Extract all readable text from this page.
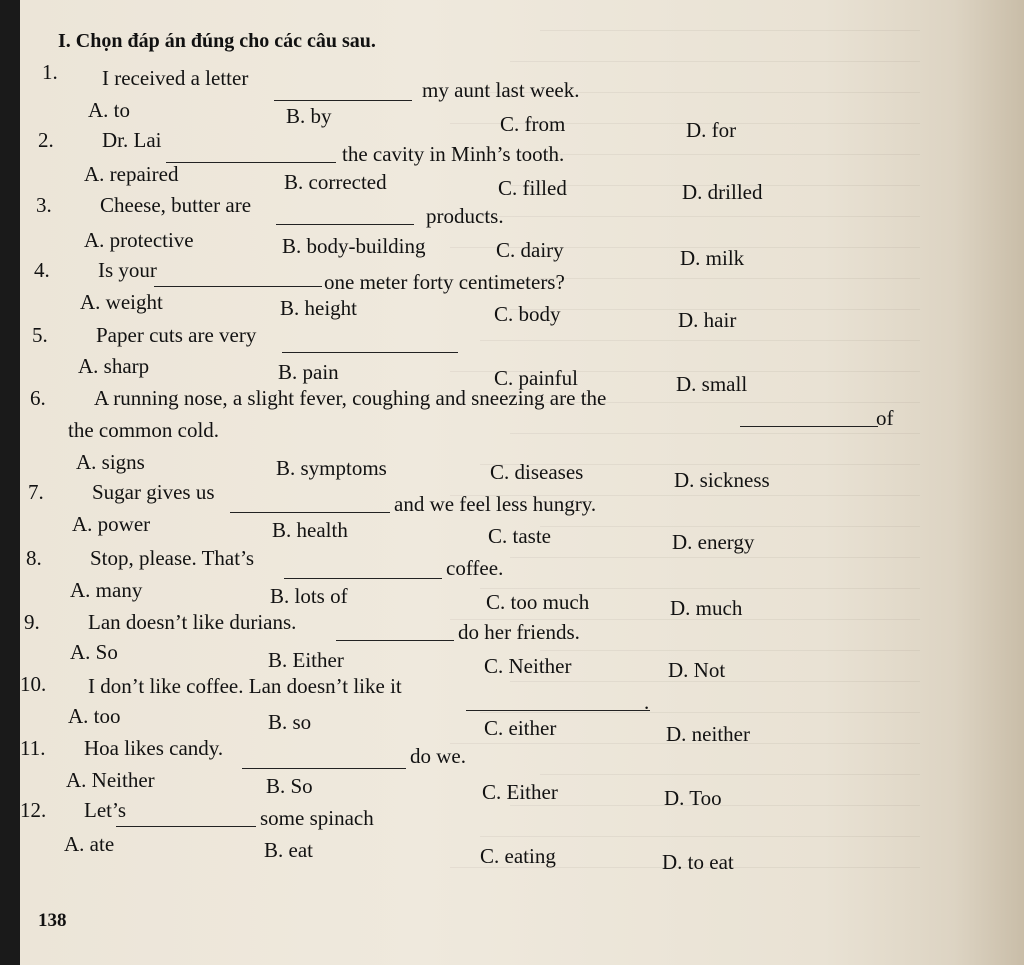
I. Chọn đáp án đúng cho các câu sau.
1. I received a letter	my aunt last week.
A. to	B. by	C. from	D. for
2. Dr. Lai
the cavity in Minh’s tooth.
A. repaired	B. corrected	C. filled	D. drilled
3. Cheese, butter are	products.
A. protective	B. body-building	C. dairy	D. milk
4. Is your	one meter forty centimeters?
A. weight	B. height	C. body	D. hair
5. Paper cuts are very
A. sharp	B. pain	C. painful	D. small
6. A running nose, a slight fever, coughing and sneezing are the
of
the common cold.
A. signs	B. symptoms	C. diseases	D. sickness
7. Sugar gives us	and we feel less hungry.
A. power	B. health	C. taste	D. energy
8. Stop, please. That’s	coffee.
A. many	B. lots of	C. too much	D. much
9. Lan doesn’t like durians.	do her friends.
A. So	B. Either	C. Neither	D. Not
10. I don’t like coffee. Lan doesn’t like it
.
A. too	B. so	C. either	D. neither
11. Hoa likes candy.	do we.
A. Neither	B. So	C. Either	D. Too
12. Let’s	some spinach
A. ate	B. eat	C. eating	D. to eat
138
